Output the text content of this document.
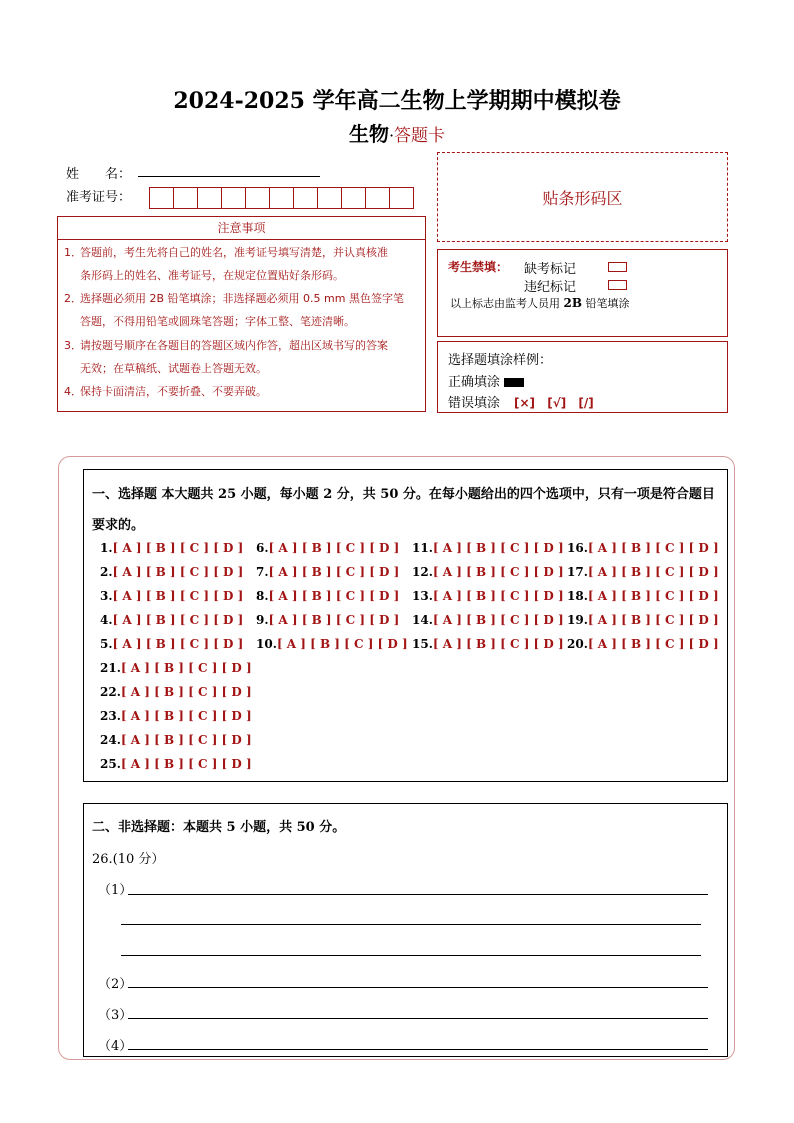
2024-2025 学年高二生物上学期期中模拟卷
生物·答题卡
姓　　名：
准考证号：	贴条形码区
注意事项
1．答题前，考生先将自己的姓名，准考证号填写清楚，并认真核准
条形码上的姓名、准考证号，在规定位置贴好条形码。
2．选择题必须用 2B 铅笔填涂；非选择题必须用 0.5 mm 黑色签字笔
答题，不得用铅笔或圆珠笔答题；字体工整、笔迹清晰。
3．请按题号顺序在各题目的答题区域内作答，超出区域书写的答案
无效；在草稿纸、试题卷上答题无效。
4．保持卡面清洁，不要折叠、不要弄破。
考生禁填： 缺考标记
违纪标记
以上标志由监考人员用 2B 铅笔填涂
选择题填涂样例：
正确填涂
错误填涂 [×] [√] [/]
一、选择题 本大题共 25 小题，每小题 2 分，共 50 分。在每小题给出的四个选项中，只有一项是符合题目要求的。
1.[ A ] [ B ] [ C ] [ D ]
2.[ A ] [ B ] [ C ] [ D ]
3.[ A ] [ B ] [ C ] [ D ]
4.[ A ] [ B ] [ C ] [ D ]
5.[ A ] [ B ] [ C ] [ D ]
6.[ A ] [ B ] [ C ] [ D ]
7.[ A ] [ B ] [ C ] [ D ]
8.[ A ] [ B ] [ C ] [ D ]
9.[ A ] [ B ] [ C ] [ D ]
10.[ A ] [ B ] [ C ] [ D ]
11.[ A ] [ B ] [ C ] [ D ]
12.[ A ] [ B ] [ C ] [ D ]
13.[ A ] [ B ] [ C ] [ D ]
14.[ A ] [ B ] [ C ] [ D ]
15.[ A ] [ B ] [ C ] [ D ]
16.[ A ] [ B ] [ C ] [ D ]
17.[ A ] [ B ] [ C ] [ D ]
18.[ A ] [ B ] [ C ] [ D ]
19.[ A ] [ B ] [ C ] [ D ]
20.[ A ] [ B ] [ C ] [ D ]
21.[ A ] [ B ] [ C ] [ D ]
22.[ A ] [ B ] [ C ] [ D ]
23.[ A ] [ B ] [ C ] [ D ]
24.[ A ] [ B ] [ C ] [ D ]
25.[ A ] [ B ] [ C ] [ D ]
二、非选择题：本题共 5 小题，共 50 分。
26.(10 分）
（1）
（2）
（3）
（4）
